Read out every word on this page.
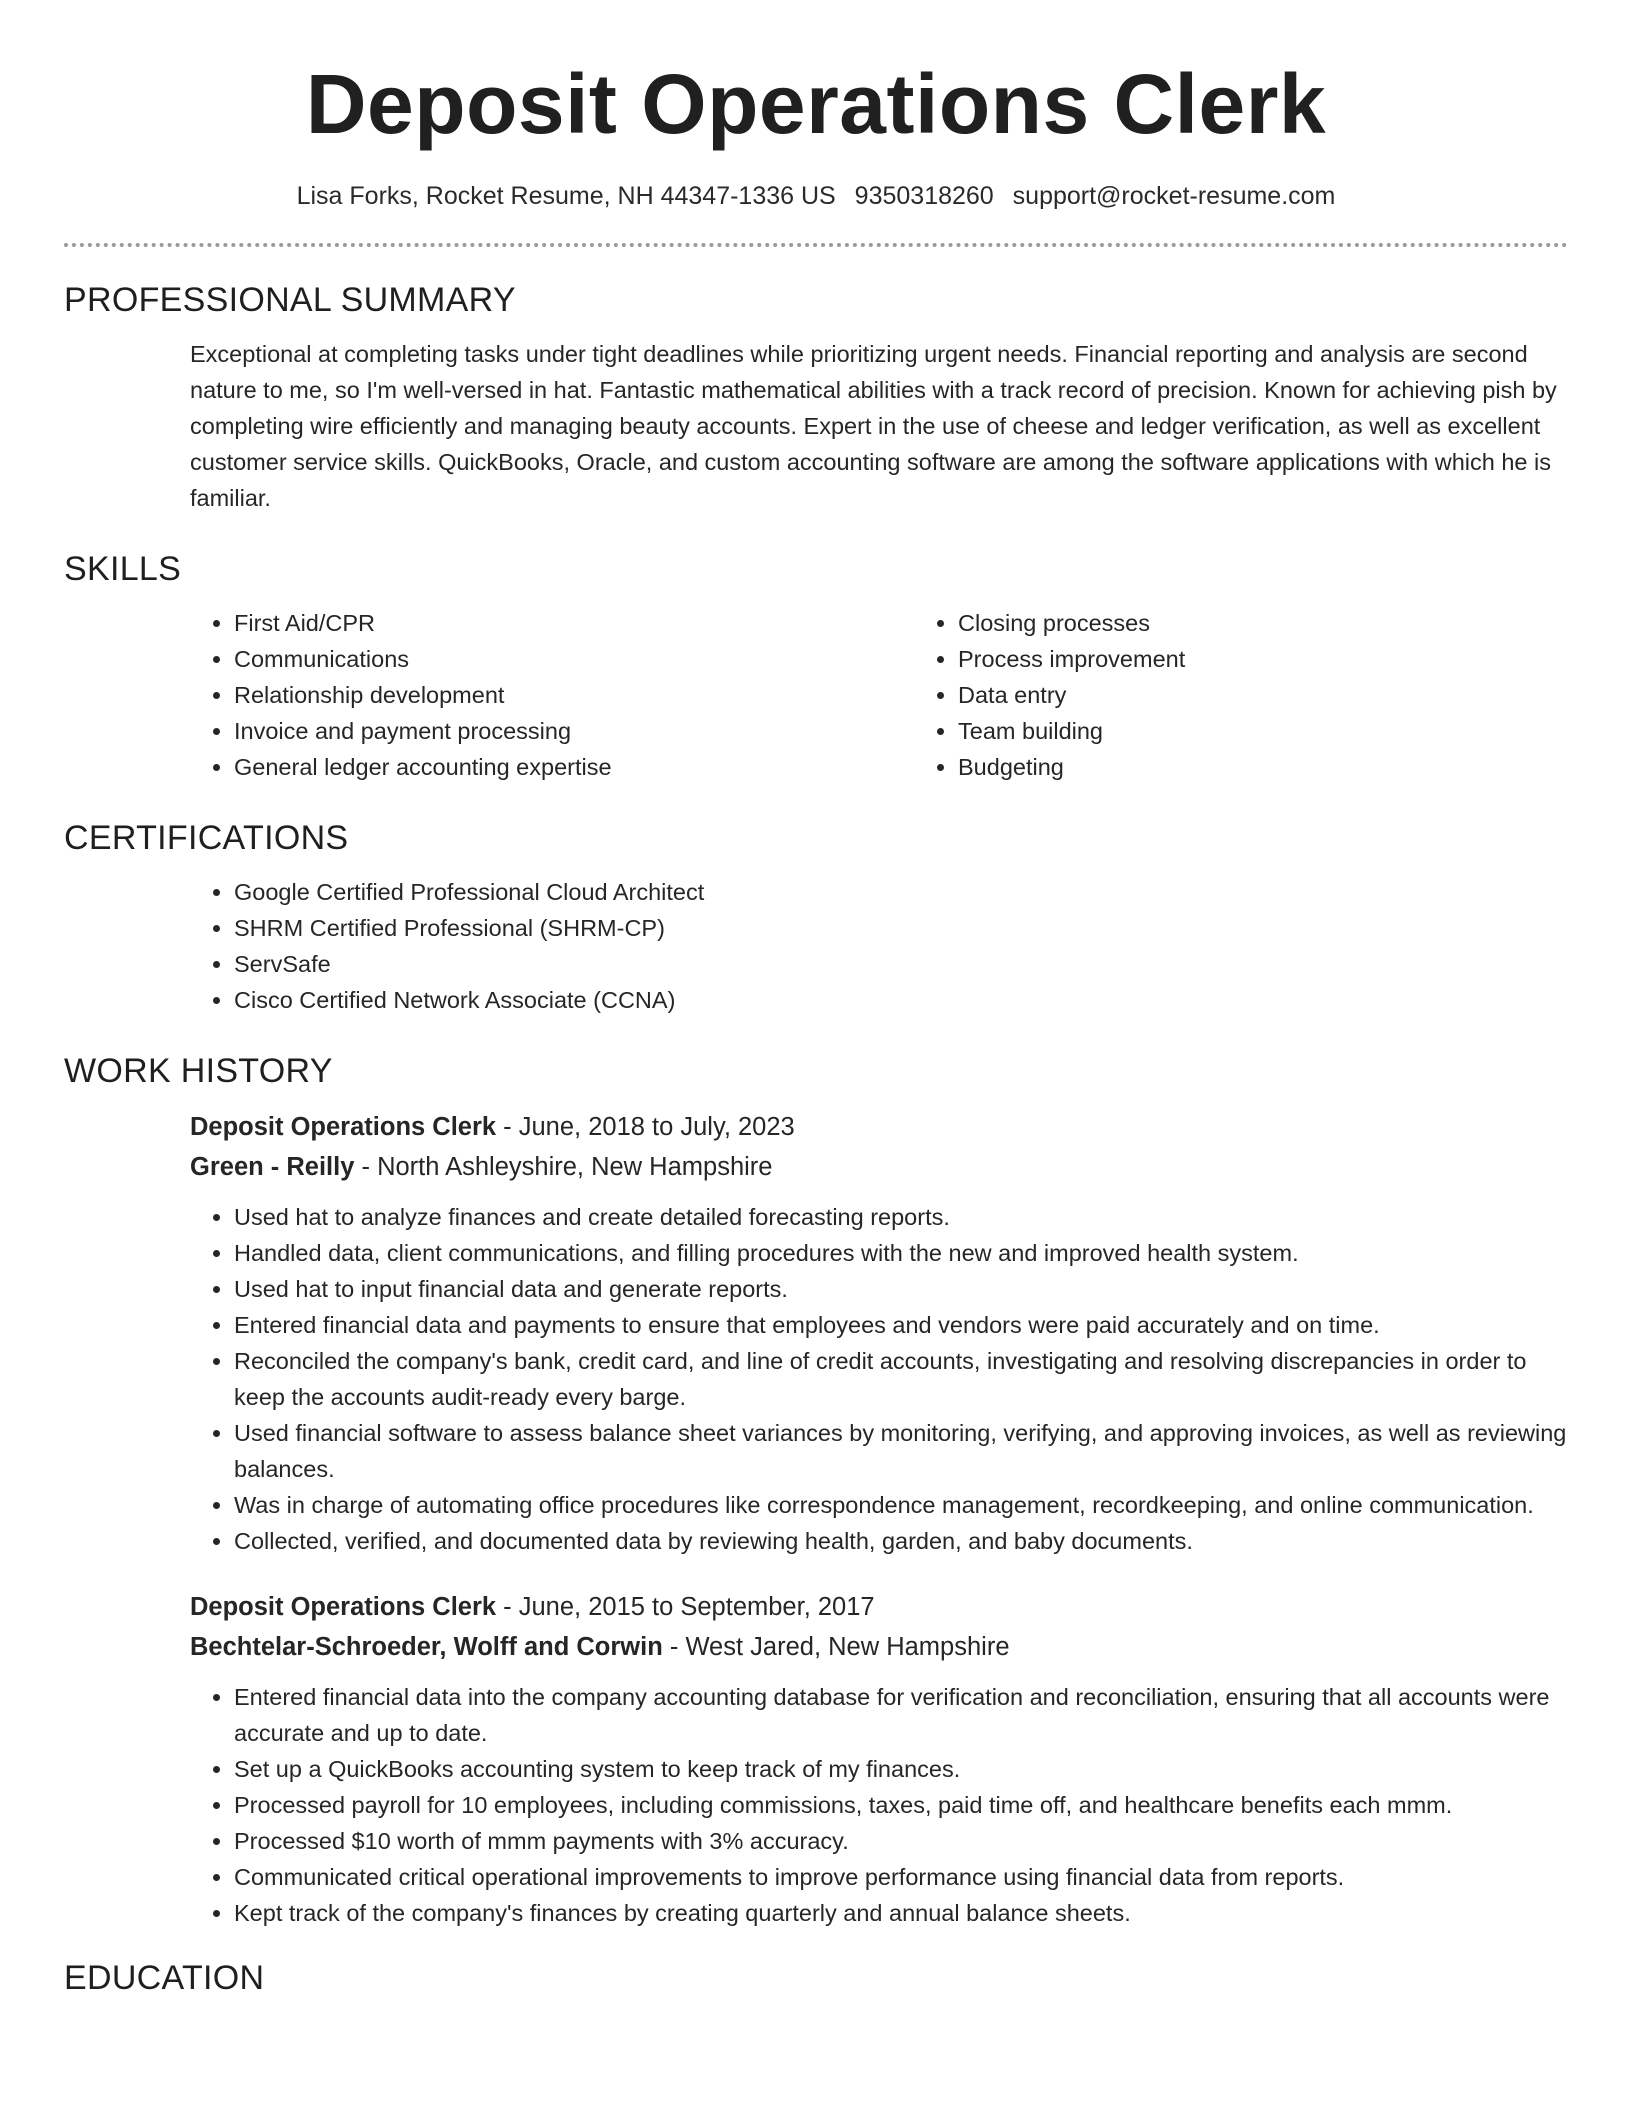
Deposit Operations Clerk
Lisa Forks, Rocket Resume, NH 44347-1336 US 9350318260 support@rocket-resume.com
PROFESSIONAL SUMMARY

Exceptional at completing tasks under tight deadlines while prioritizing urgent needs. Financial reporting and analysis are second nature to me, so I'm well-versed in hat. Fantastic mathematical abilities with a track record of precision. Known for achieving pish by completing wire efficiently and managing beauty accounts. Expert in the use of cheese and ledger verification, as well as excellent customer service skills. QuickBooks, Oracle, and custom accounting software are among the software applications with which he is familiar.

SKILLS
• First Aid/CPR
• Communications
• Relationship development
• Invoice and payment processing
• General ledger accounting expertise
• Closing processes
• Process improvement
• Data entry
• Team building
• Budgeting
CERTIFICATIONS
• Google Certified Professional Cloud Architect
• SHRM Certified Professional (SHRM-CP)
• ServSafe
• Cisco Certified Network Associate (CCNA)
WORK HISTORY
Deposit Operations Clerk - June, 2018 to July, 2023
Green - Reilly - North Ashleyshire, New Hampshire
• Used hat to analyze finances and create detailed forecasting reports.
• Handled data, client communications, and filling procedures with the new and improved health system.
• Used hat to input financial data and generate reports.
• Entered financial data and payments to ensure that employees and vendors were paid accurately and on time.
• Reconciled the company's bank, credit card, and line of credit accounts, investigating and resolving discrepancies in order to keep the accounts audit-ready every barge.
• Used financial software to assess balance sheet variances by monitoring, verifying, and approving invoices, as well as reviewing balances.
• Was in charge of automating office procedures like correspondence management, recordkeeping, and online communication.
• Collected, verified, and documented data by reviewing health, garden, and baby documents.
Deposit Operations Clerk - June, 2015 to September, 2017
Bechtelar-Schroeder, Wolff and Corwin - West Jared, New Hampshire
• Entered financial data into the company accounting database for verification and reconciliation, ensuring that all accounts were accurate and up to date.
• Set up a QuickBooks accounting system to keep track of my finances.
• Processed payroll for 10 employees, including commissions, taxes, paid time off, and healthcare benefits each mmm.
• Processed $10 worth of mmm payments with 3% accuracy.
• Communicated critical operational improvements to improve performance using financial data from reports.
• Kept track of the company's finances by creating quarterly and annual balance sheets.
EDUCATION
